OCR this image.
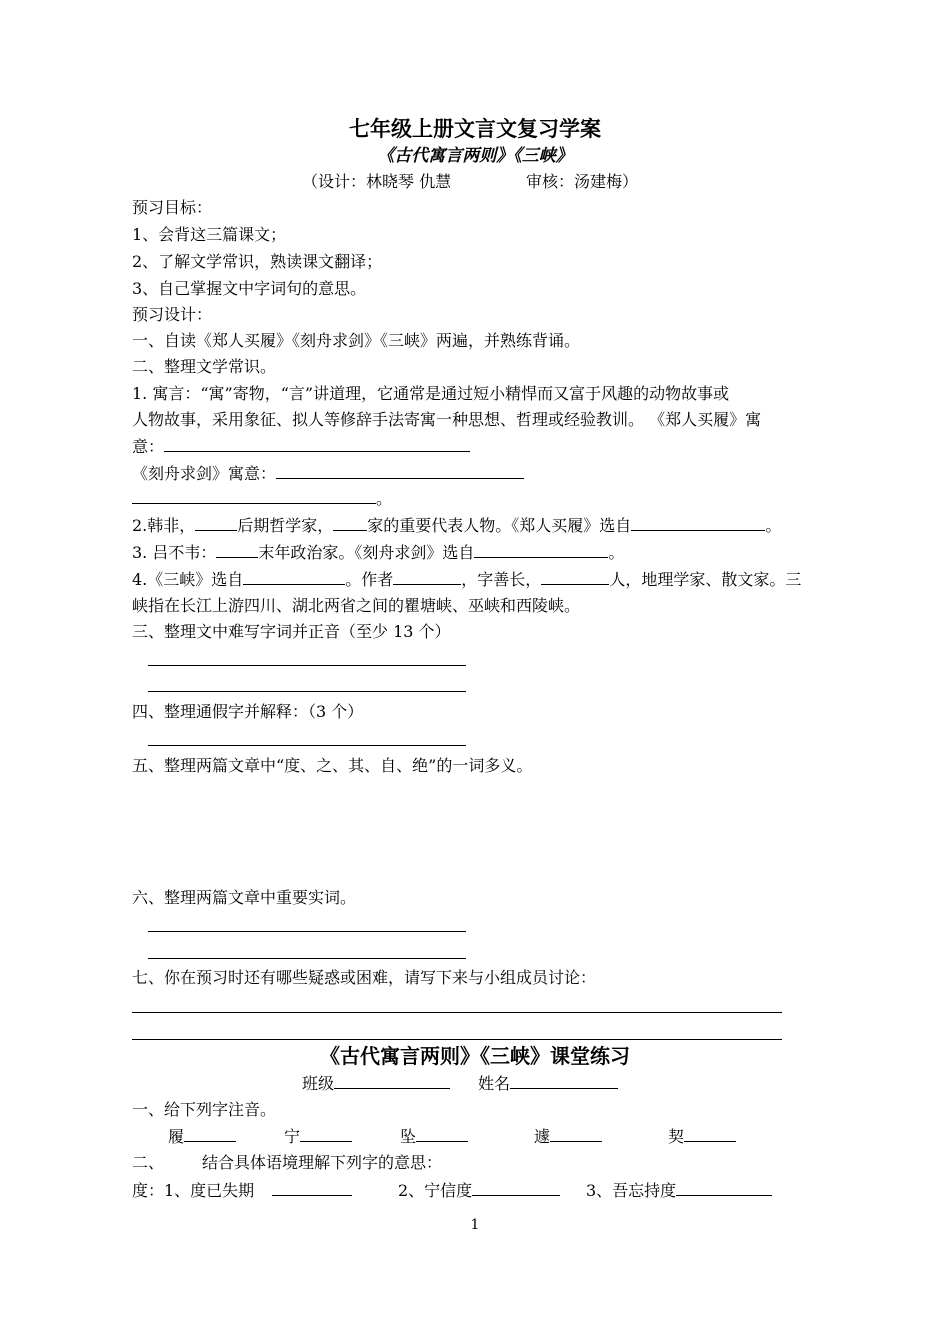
七年级上册文言文复习学案
《古代寓言两则》《三峡》
（设计：林晓琴 仇慧	审核：汤建梅）
预习目标：
1、会背这三篇课文；
2、了解文学常识，熟读课文翻译；
3、自己掌握文中字词句的意思。
预习设计：
一、自读《郑人买履》《刻舟求剑》《三峡》两遍，并熟练背诵。
二、整理文学常识。
1. 寓言：“寓”寄物，“言”讲道理，它通常是通过短小精悍而又富于风趣的动物故事或
人物故事，采用象征、拟人等修辞手法寄寓一种思想、哲理或经验教训。 《郑人买履》寓
意：
《刻舟求剑》寓意：
。
2.韩非，	后期哲学家， 家的重要代表人物。《郑人买履》选自	。
3. 吕不韦：	末年政治家。《刻舟求剑》选自	。
4.《三峡》选自	。作者	，字善长，	人，地理学家、散文家。三
峡指在长江上游四川、湖北两省之间的瞿塘峡、巫峡和西陵峡。
三、整理文中难写字词并正音（至少 13 个）
四、整理通假字并解释：（3 个）
五、整理两篇文章中“度、之、其、自、绝”的一词多义。
六、整理两篇文章中重要实词。
七、你在预习时还有哪些疑惑或困难，请写下来与小组成员讨论：
《古代寓言两则》《三峡》课堂练习
班级	姓名
一、给下列字注音。
履	宁	坠	遽	契
二、 结合具体语境理解下列字的意思：
度：1、度已失期	2、宁信度	3、吾忘持度
1
